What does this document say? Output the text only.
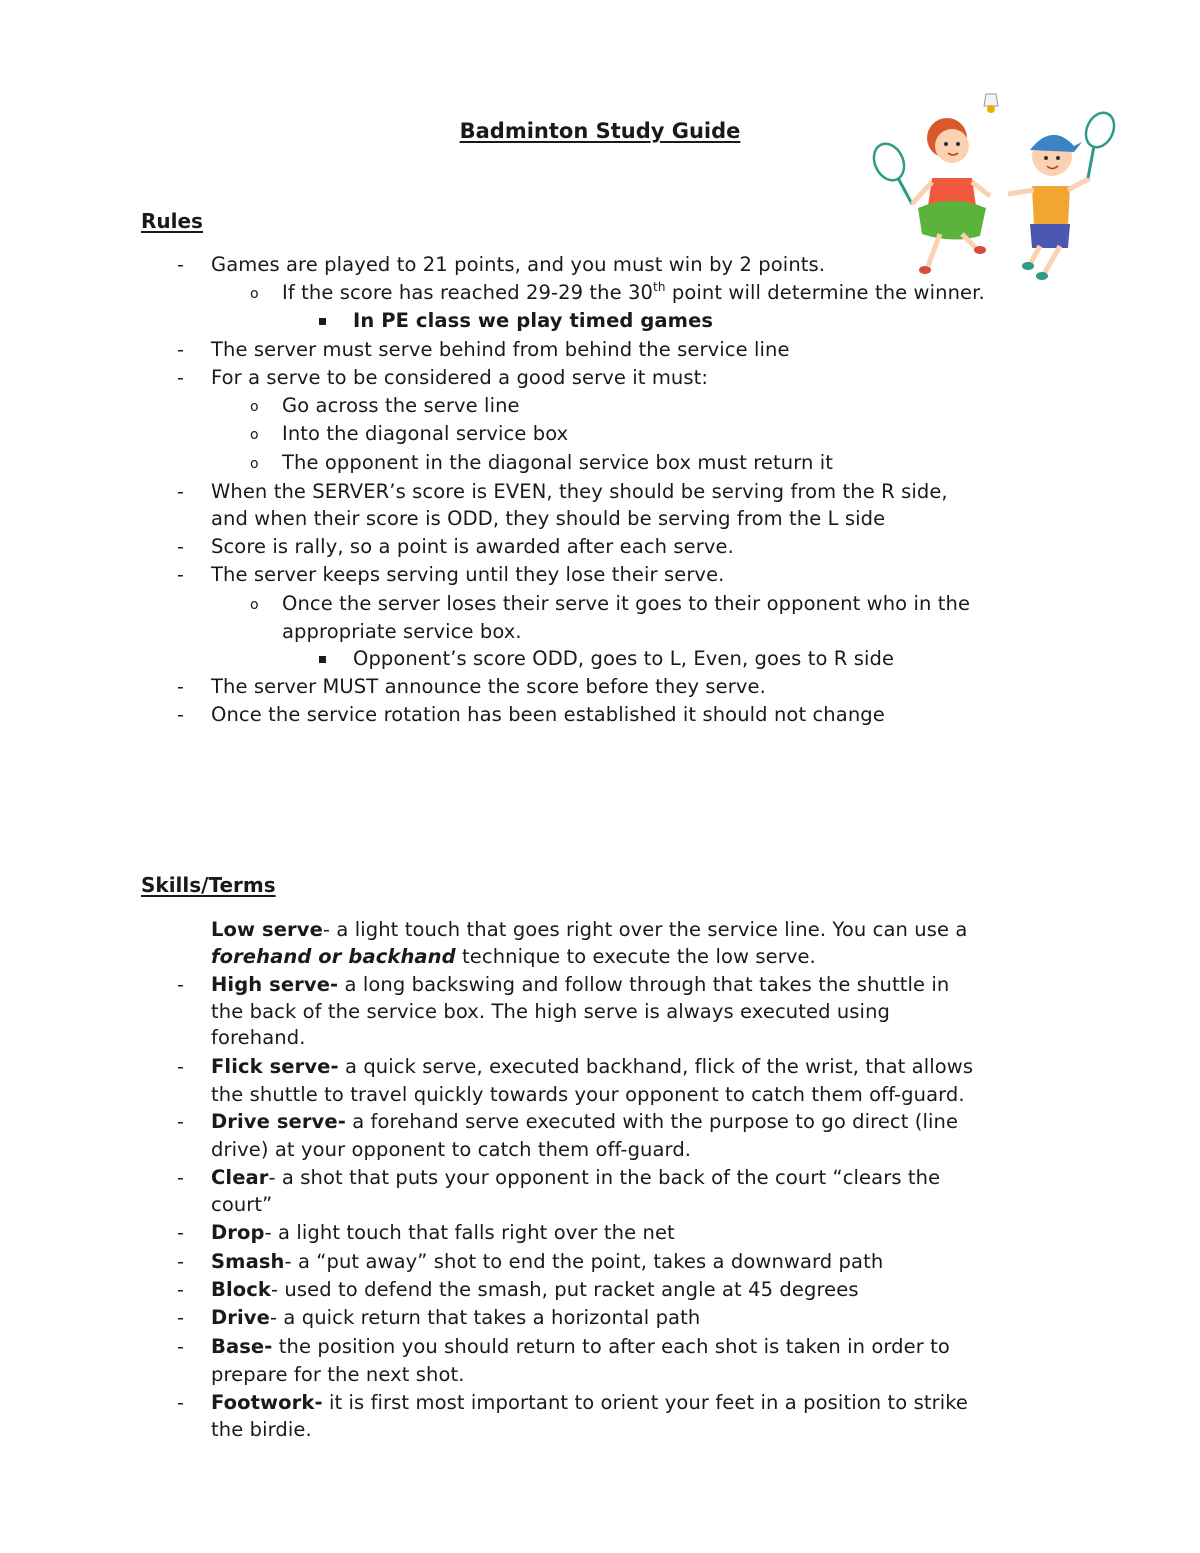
Badminton Study Guide
Rules
- Games are played to 21 points, and you must win by 2 points.
o If the score has reached 29-29 the 30th point will determine the winner.
In PE class we play timed games
- The server must serve behind from behind the service line
- For a serve to be considered a good serve it must:
o Go across the serve line
o Into the diagonal service box
o The opponent in the diagonal service box must return it
- When the SERVER’s score is EVEN, they should be serving from the R side,
and when their score is ODD, they should be serving from the L side
- Score is rally, so a point is awarded after each serve.
- The server keeps serving until they lose their serve.
o Once the server loses their serve it goes to their opponent who in the
appropriate service box.
Opponent’s score ODD, goes to L, Even, goes to R side
- The server MUST announce the score before they serve.
- Once the service rotation has been established it should not change
Skills/Terms
Low serve- a light touch that goes right over the service line. You can use a
forehand or backhand technique to execute the low serve.
- High serve- a long backswing and follow through that takes the shuttle in
the back of the service box. The high serve is always executed using
forehand.
- Flick serve- a quick serve, executed backhand, flick of the wrist, that allows
the shuttle to travel quickly towards your opponent to catch them off-guard.
- Drive serve- a forehand serve executed with the purpose to go direct (line
drive) at your opponent to catch them off-guard.
- Clear- a shot that puts your opponent in the back of the court “clears the
court”
- Drop- a light touch that falls right over the net
- Smash- a “put away” shot to end the point, takes a downward path
- Block- used to defend the smash, put racket angle at 45 degrees
- Drive- a quick return that takes a horizontal path
- Base- the position you should return to after each shot is taken in order to
prepare for the next shot.
- Footwork- it is first most important to orient your feet in a position to strike
the birdie.
